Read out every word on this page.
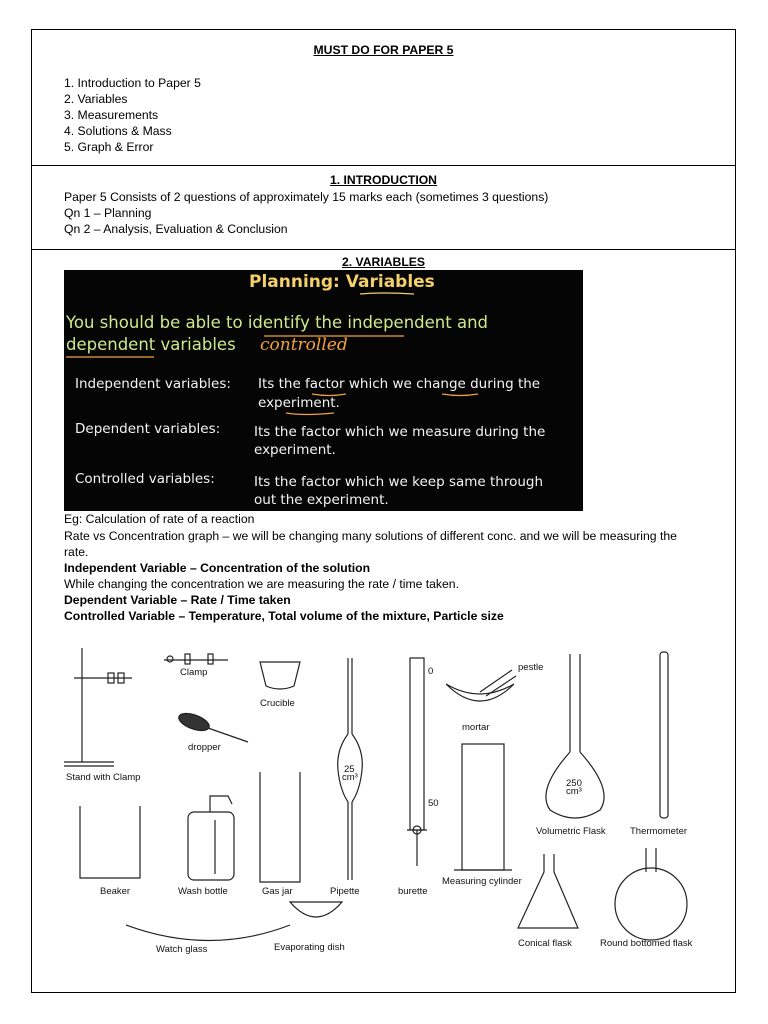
MUST DO FOR PAPER 5
1. Introduction to Paper 5
2. Variables
3. Measurements
4. Solutions & Mass
5. Graph & Error
1. INTRODUCTION
Paper 5 Consists of 2 questions of approximately 15 marks each (sometimes 3 questions)
Qn 1 – Planning
Qn 2 – Analysis, Evaluation & Conclusion
2. VARIABLES
Planning: Variables
You should be able to identify the independent and
dependent variables controlled
Independent variables: Its the factor which we change during the
experiment.
Dependent variables:	Its the factor which we measure during the
experiment.
Controlled variables:	Its the factor which we keep same through
out the experiment.
Eg: Calculation of rate of a reaction
Rate vs Concentration graph – we will be changing many solutions of different conc. and we will be measuring the
rate.
Independent Variable – Concentration of the solution
While changing the concentration we are measuring the rate / time taken.
Dependent Variable – Rate / Time taken
Controlled Variable – Temperature, Total volume of the mixture, Particle size
Stand with Clamp
Clamp
Crucible
dropper
Beaker	Wash bottle	Gas jar
25
cm³
Pipette
Watch glass	Evaporating dish
0
50
burette
pestle
mortar
Measuring cylinder
250
cm³
Volumetric Flask	Thermometer
Conical flask	Round bottomed flask
